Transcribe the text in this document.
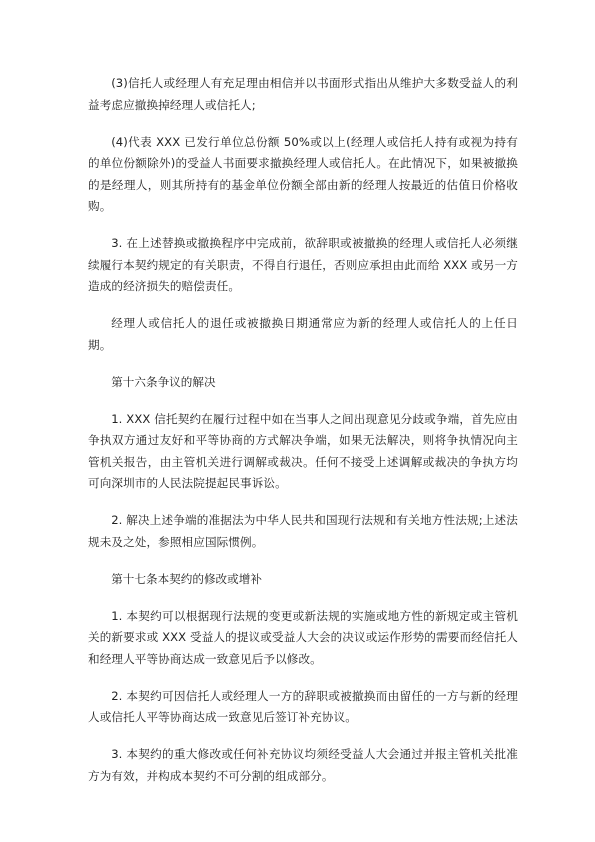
(3)信托人或经理人有充足理由相信并以书面形式指出从维护大多数受益人的利益考虑应撤换掉经理人或信托人;

(4)代表 XXX 已发行单位总份额 50%或以上(经理人或信托人持有或视为持有的单位份额除外)的受益人书面要求撤换经理人或信托人。在此情况下，如果被撤换的是经理人，则其所持有的基金单位份额全部由新的经理人按最近的估值日价格收购。

3. 在上述替换或撤换程序中完成前，欲辞职或被撤换的经理人或信托人必须继续履行本契约规定的有关职责，不得自行退任，否则应承担由此而给 XXX 或另一方造成的经济损失的赔偿责任。

经理人或信托人的退任或被撤换日期通常应为新的经理人或信托人的上任日期。

第十六条争议的解决

1. XXX 信托契约在履行过程中如在当事人之间出现意见分歧或争端，首先应由争执双方通过友好和平等协商的方式解决争端，如果无法解决，则将争执情况向主管机关报告，由主管机关进行调解或裁决。任何不接受上述调解或裁决的争执方均可向深圳市的人民法院提起民事诉讼。

2. 解决上述争端的准据法为中华人民共和国现行法规和有关地方性法规;上述法规未及之处，参照相应国际惯例。

第十七条本契约的修改或增补

1. 本契约可以根据现行法规的变更或新法规的实施或地方性的新规定或主管机关的新要求或 XXX 受益人的提议或受益人大会的决议或运作形势的需要而经信托人和经理人平等协商达成一致意见后予以修改。

2. 本契约可因信托人或经理人一方的辞职或被撤换而由留任的一方与新的经理人或信托人平等协商达成一致意见后签订补充协议。

3. 本契约的重大修改或任何补充协议均须经受益人大会通过并报主管机关批准方为有效，并构成本契约不可分割的组成部分。
